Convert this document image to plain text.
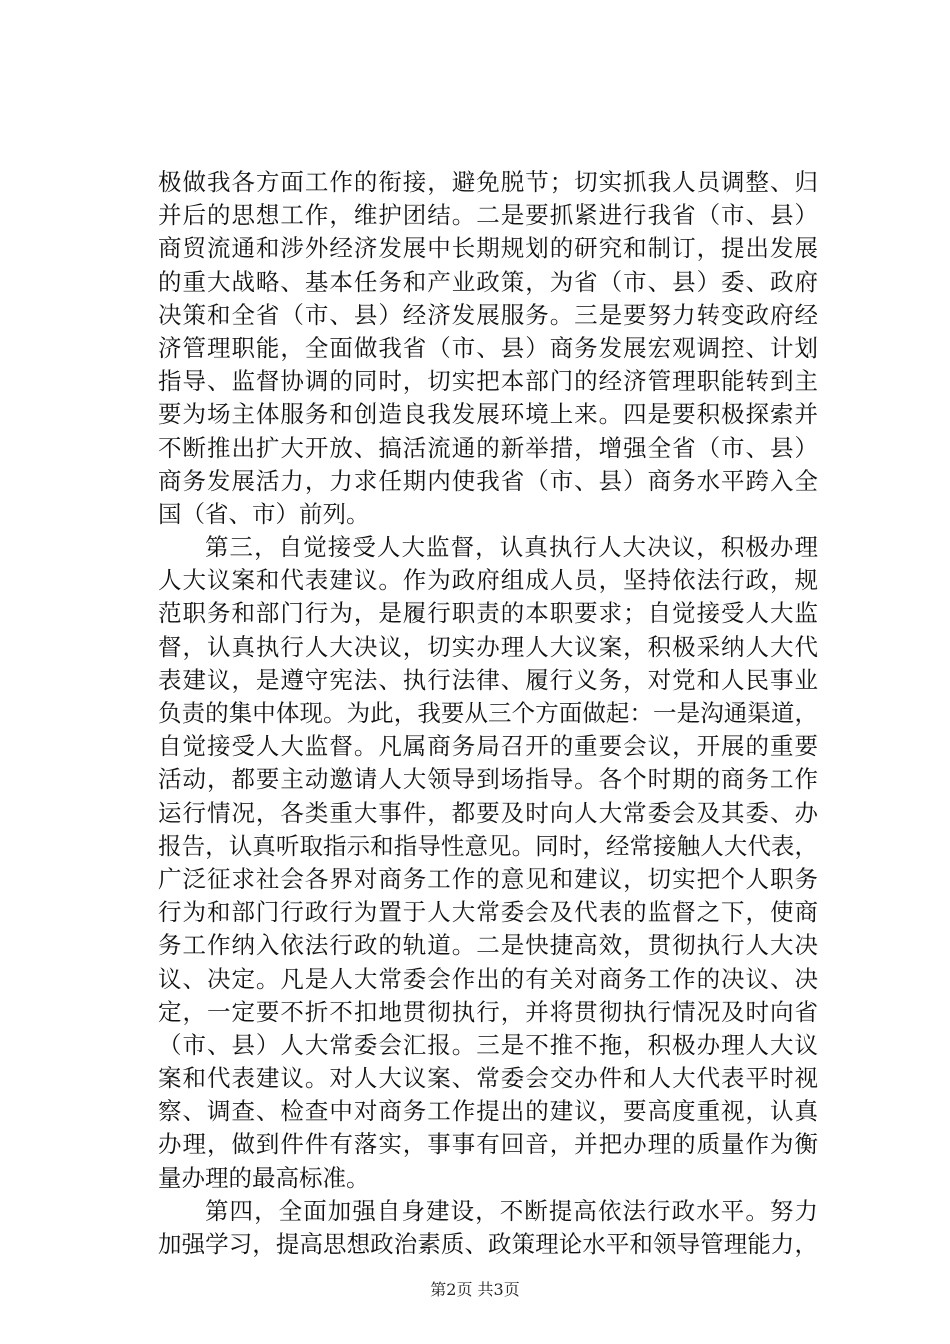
极做我各方面工作的衔接，避免脱节；切实抓我人员调整、归
并后的思想工作，维护团结。二是要抓紧进行我省（市、县）
商贸流通和涉外经济发展中长期规划的研究和制订，提出发展
的重大战略、基本任务和产业政策，为省（市、县）委、政府
决策和全省（市、县）经济发展服务。三是要努力转变政府经
济管理职能，全面做我省（市、县）商务发展宏观调控、计划
指导、监督协调的同时，切实把本部门的经济管理职能转到主
要为场主体服务和创造良我发展环境上来。四是要积极探索并
不断推出扩大开放、搞活流通的新举措，增强全省（市、县）
商务发展活力，力求任期内使我省（市、县）商务水平跨入全
国（省、市）前列。
第三，自觉接受人大监督，认真执行人大决议，积极办理
人大议案和代表建议。作为政府组成人员，坚持依法行政，规
范职务和部门行为，是履行职责的本职要求；自觉接受人大监
督，认真执行人大决议，切实办理人大议案，积极采纳人大代
表建议，是遵守宪法、执行法律、履行义务，对党和人民事业
负责的集中体现。为此，我要从三个方面做起：一是沟通渠道，
自觉接受人大监督。凡属商务局召开的重要会议，开展的重要
活动，都要主动邀请人大领导到场指导。各个时期的商务工作
运行情况，各类重大事件，都要及时向人大常委会及其委、办
报告，认真听取指示和指导性意见。同时，经常接触人大代表，
广泛征求社会各界对商务工作的意见和建议，切实把个人职务
行为和部门行政行为置于人大常委会及代表的监督之下，使商
务工作纳入依法行政的轨道。二是快捷高效，贯彻执行人大决
议、决定。凡是人大常委会作出的有关对商务工作的决议、决
定，一定要不折不扣地贯彻执行，并将贯彻执行情况及时向省
（市、县）人大常委会汇报。三是不推不拖，积极办理人大议
案和代表建议。对人大议案、常委会交办件和人大代表平时视
察、调查、检查中对商务工作提出的建议，要高度重视，认真
办理，做到件件有落实，事事有回音，并把办理的质量作为衡
量办理的最高标准。
第四，全面加强自身建设，不断提高依法行政水平。努力
加强学习，提高思想政治素质、政策理论水平和领导管理能力，
第2页 共3页
